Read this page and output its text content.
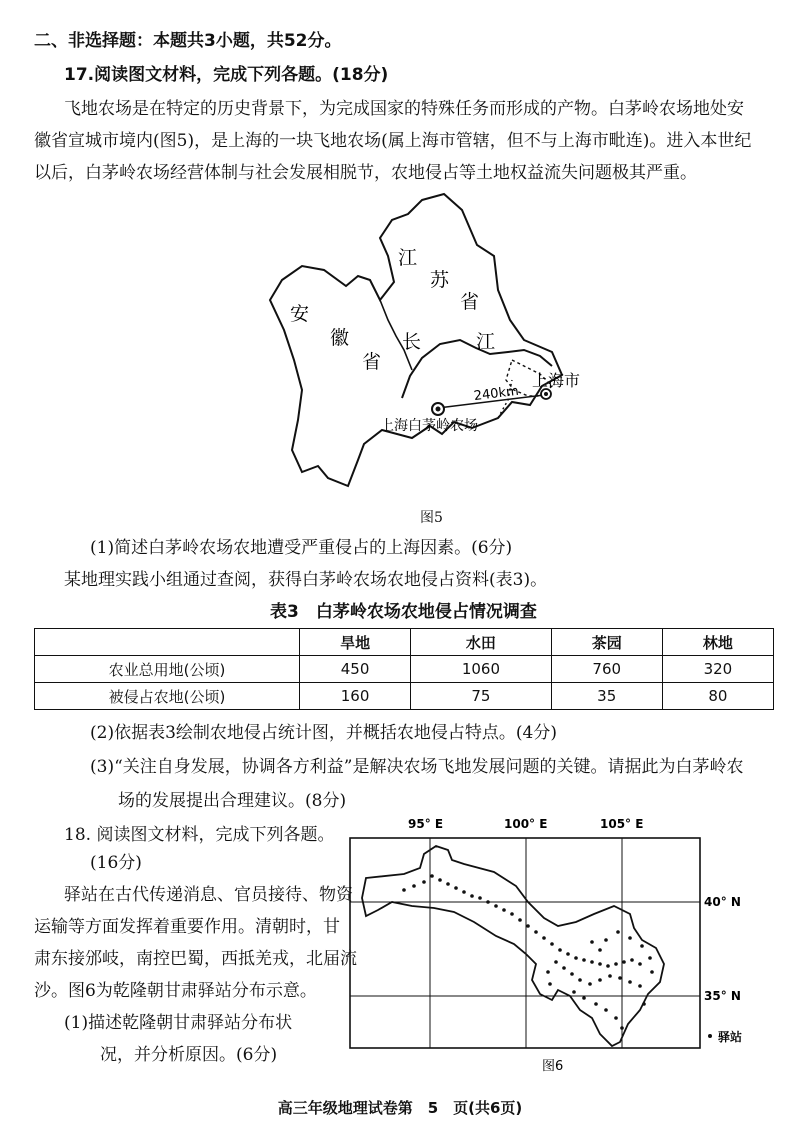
二、非选择题：本题共3小题，共52分。
17.阅读图文材料，完成下列各题。(18分)
飞地农场是在特定的历史背景下，为完成国家的特殊任务而形成的产物。白茅岭农场地处安
徽省宣城市境内(图5)，是上海的一块飞地农场(属上海市管辖，但不与上海市毗连)。进入本世纪
以后，白茅岭农场经营体制与社会发展相脱节，农地侵占等土地权益流失问题极其严重。
江
苏
省
安
徽
省
长	江
上海市
240km
上海白茅岭农场
图5
(1)简述白茅岭农场农地遭受严重侵占的上海因素。(6分)
某地理实践小组通过查阅，获得白茅岭农场农地侵占资料(表3)。
表3　白茅岭农场农地侵占情况调查
	旱地	水田	茶园	林地
农业总用地(公顷)	450	1060	760	320
被侵占农地(公顷)	160	75	35	80
(2)依据表3绘制农地侵占统计图，并概括农地侵占特点。(4分)
(3)“关注自身发展，协调各方利益”是解决农场飞地发展问题的关键。请据此为白茅岭农
场的发展提出合理建议。(8分)
18. 阅读图文材料，完成下列各题。
(16分)
驿站在古代传递消息、官员接待、物资
运输等方面发挥着重要作用。清朝时，甘
肃东接邠岐，南控巴蜀，西抵羌戎，北届流
沙。图6为乾隆朝甘肃驿站分布示意。
(1)描述乾隆朝甘肃驿站分布状
况，并分析原因。(6分)
95° E	100° E	105° E
40° N
35° N
驿站
图6
高三年级地理试卷第　5　页(共6页)
